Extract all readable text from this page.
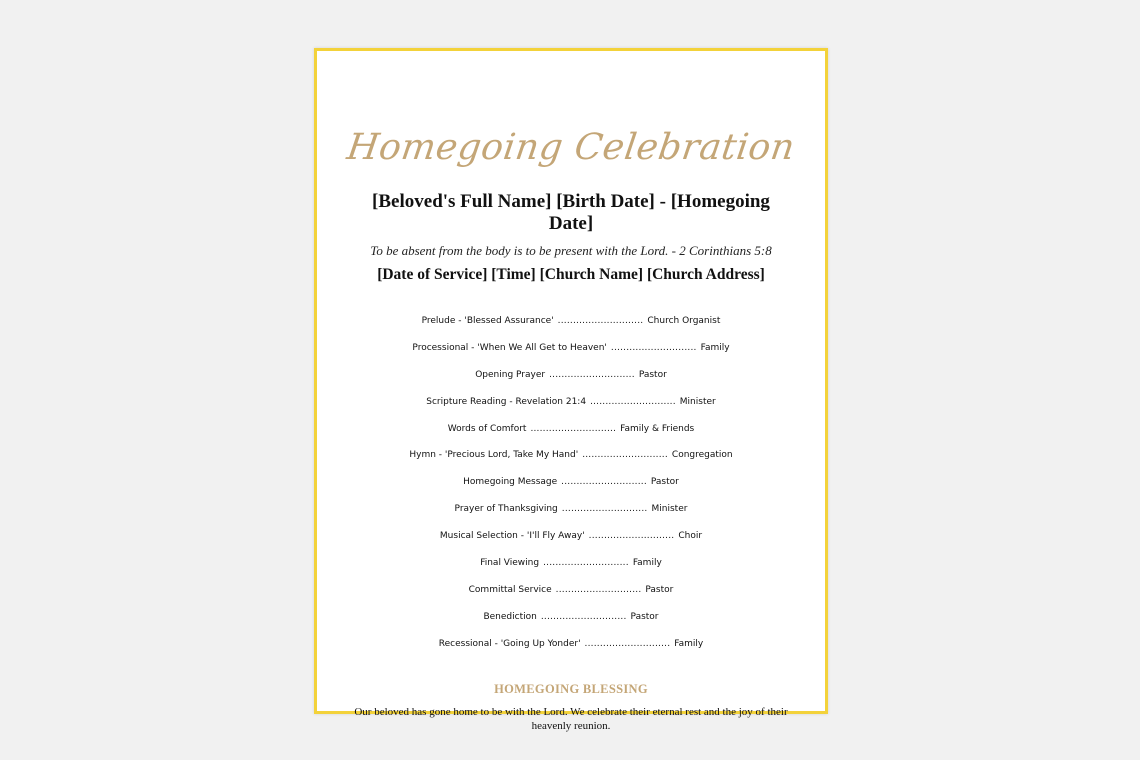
Homegoing Celebration
[Beloved's Full Name] [Birth Date] - [Homegoing Date]
To be absent from the body is to be present with the Lord. - 2 Corinthians 5:8
[Date of Service] [Time] [Church Name] [Church Address]
Prelude - 'Blessed Assurance' ............................ Church Organist
Processional - 'When We All Get to Heaven' ............................ Family
Opening Prayer ............................ Pastor
Scripture Reading - Revelation 21:4 ............................ Minister
Words of Comfort ............................ Family & Friends
Hymn - 'Precious Lord, Take My Hand' ............................ Congregation
Homegoing Message ............................ Pastor
Prayer of Thanksgiving ............................ Minister
Musical Selection - 'I'll Fly Away' ............................ Choir
Final Viewing ............................ Family
Committal Service ............................ Pastor
Benediction ............................ Pastor
Recessional - 'Going Up Yonder' ............................ Family
HOMEGOING BLESSING
Our beloved has gone home to be with the Lord. We celebrate their eternal rest and the joy of their heavenly reunion.
